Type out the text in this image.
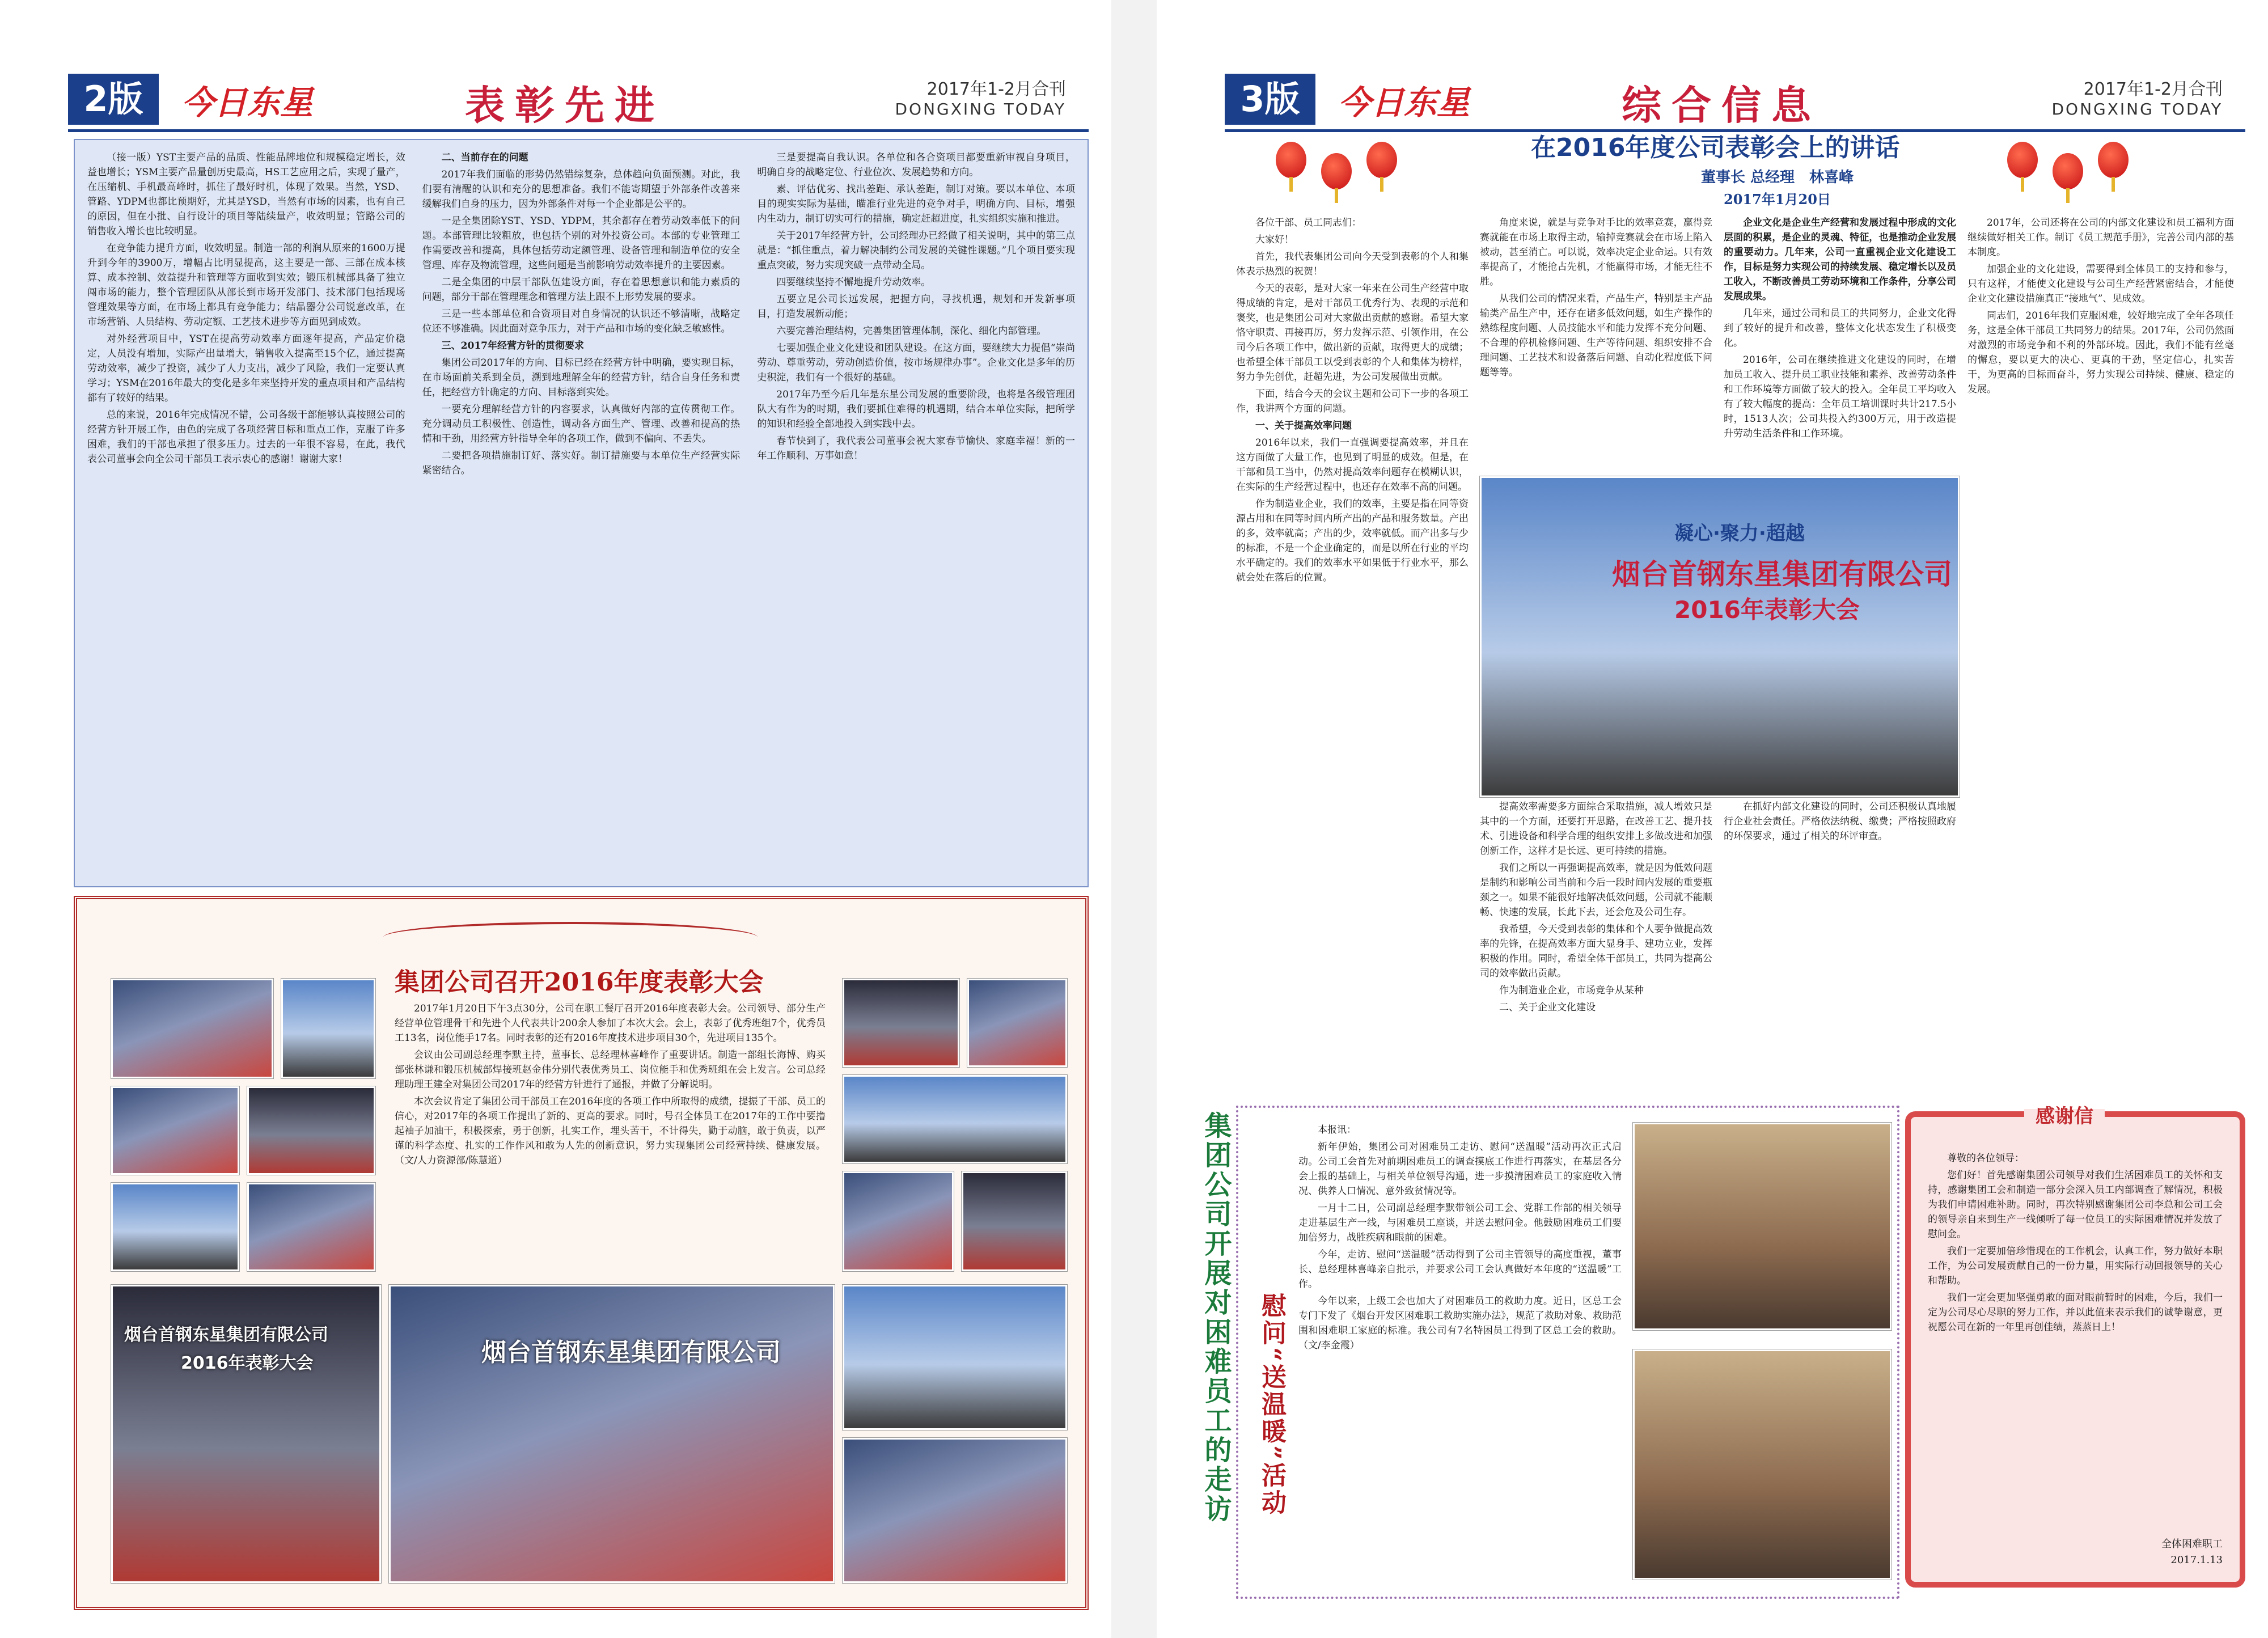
2版	今日东星	表彰先进	2017年1-2月合刊
DONGXING TODAY

（接一版）YST主要产品的品质、性能品牌地位和规模稳定增长，效益也增长；YSM主要产品量创历史最高，HS工艺应用之后，实现了量产，在压缩机、手机最高峰时，抓住了最好时机，体现了效果。当然，YSD、管路、YDPM也都比预期好，尤其是YSD，当然有市场的因素，也有自己的原因，但在小批、自行设计的项目等陆续量产，收效明显；管路公司的销售收入增长也比较明显。

在竞争能力提升方面，收效明显。制造一部的利润从原来的1600万提升到今年的3900万，增幅占比明显提高，这主要是一部、三部在成本核算、成本控制、效益提升和管理等方面收到实效；锻压机械部具备了独立闯市场的能力，整个管理团队从部长到市场开发部门、技术部门包括现场管理效果等方面，在市场上都具有竞争能力；结晶器分公司锐意改革，在市场营销、人员结构、劳动定额、工艺技术进步等方面见到成效。

对外经营项目中，YST在提高劳动效率方面逐年提高，产品定价稳定，人员没有增加，实际产出量增大，销售收入提高至15个亿，通过提高劳动效率，减少了投资，减少了人力支出，减少了风险，我们一定要认真学习；YSM在2016年最大的变化是多年来坚持开发的重点项目和产品结构都有了较好的结果。

总的来说，2016年完成情况不错，公司各级干部能够认真按照公司的经营方针开展工作，由色的完成了各项经营目标和重点工作，克服了许多困难，我们的干部也承担了很多压力。过去的一年很不容易，在此，我代表公司董事会向全公司干部员工表示衷心的感谢！谢谢大家！

二、当前存在的问题

2017年我们面临的形势仍然错综复杂，总体趋向负面预测。对此，我们要有清醒的认识和充分的思想准备。我们不能寄期望于外部条件改善来缓解我们自身的压力，因为外部条件对每一个企业都是公平的。

一是全集团除YST、YSD、YDPM，其余都存在着劳动效率低下的问题。本部管理比较粗放，也包括个别的对外投资公司。本部的专业管理工作需要改善和提高，具体包括劳动定额管理、设备管理和制造单位的安全管理、库存及物流管理，这些问题是当前影响劳动效率提升的主要因素。

二是全集团的中层干部队伍建设方面，存在着思想意识和能力素质的问题，部分干部在管理理念和管理方法上跟不上形势发展的要求。

三是一些本部单位和合资项目对自身情况的认识还不够清晰，战略定位还不够准确。因此面对竞争压力，对于产品和市场的变化缺乏敏感性。

三、2017年经营方针的贯彻要求

集团公司2017年的方向、目标已经在经营方针中明确，要实现目标，在市场面前关系到全员，溯到地理解全年的经营方针，结合自身任务和责任，把经营方针确定的方向、目标落到实处。

一要充分理解经营方针的内容要求，认真做好内部的宣传贯彻工作。充分调动员工积极性、创造性，调动各方面生产、管理、改善和提高的热情和干劲，用经营方针指导全年的各项工作，做到不偏向、不丢失。

二要把各项措施制订好、落实好。制订措施要与本单位生产经营实际紧密结合。

三是要提高自我认识。各单位和各合资项目都要重新审视自身项目，明确自身的战略定位、行业位次、发展趋势和方向。

素、评估优劣、找出差距、承认差距，制订对策。要以本单位、本项目的现实实际为基础，瞄准行业先进的竞争对手，明确方向、目标，增强内生动力，制订切实可行的措施，确定赶超进度，扎实组织实施和推进。

关于2017年经营方针，公司经理办已经做了相关说明，其中的第三点就是：“抓住重点，着力解决制约公司发展的关键性课题。”几个项目要实现重点突破，努力实现突破一点带动全局。

四要继续坚持不懈地提升劳动效率。

五要立足公司长远发展，把握方向，寻找机遇，规划和开发新事项目，打造发展新动能；

六要完善治理结构，完善集团管理体制，深化、细化内部管理。

七要加强企业文化建设和团队建设。在这方面，要继续大力提倡“崇尚劳动、尊重劳动，劳动创造价值，按市场规律办事”。企业文化是多年的历史积淀，我们有一个很好的基础。

2017年乃至今后几年是东星公司发展的重要阶段，也将是各级管理团队大有作为的时期，我们要抓住难得的机遇期，结合本单位实际，把所学的知识和经验全部地投入到实践中去。

春节快到了，我代表公司董事会祝大家春节愉快、家庭幸福！新的一年工作顺利、万事如意！

集团公司召开2016年度表彰大会

2017年1月20日下午3点30分，公司在职工餐厅召开2016年度表彰大会。公司领导、部分生产经营单位管理骨干和先进个人代表共计200余人参加了本次大会。会上，表彰了优秀班组7个，优秀员工13名，岗位能手17名。同时表彰的还有2016年度技术进步项目30个，先进项目135个。

会议由公司副总经理李默主持，董事长、总经理林喜峰作了重要讲话。制造一部组长海博、购买部张林谦和锻压机械部焊接班赵金伟分别代表优秀员工、岗位能手和优秀班组在会上发言。公司总经理助理王建全对集团公司2017年的经营方针进行了通报，并做了分解说明。

本次会议肯定了集团公司干部员工在2016年度的各项工作中所取得的成绩，提振了干部、员工的信心，对2017年的各项工作提出了新的、更高的要求。同时，号召全体员工在2017年的工作中要撸起袖子加油干，积极探索，勇于创新，扎实工作，埋头苦干，不计得失，勤于动脑，敢于负责，以严谨的科学态度、扎实的工作作风和敢为人先的创新意识，努力实现集团公司经营持续、健康发展。（文/人力资源部/陈慧道）

烟台首钢东星集团有限公司
2016年表彰大会	烟台首钢东星集团有限公司
3版	今日东星	综合信息	2017年1-2月合刊
DONGXING TODAY
在2016年度公司表彰会上的讲话
董事长 总经理　林喜峰
2017年1月20日

各位干部、员工同志们：

大家好！

首先，我代表集团公司向今天受到表彰的个人和集体表示热烈的祝贺！

今天的表彰，是对大家一年来在公司生产经营中取得成绩的肯定，是对干部员工优秀行为、表现的示范和褒奖，也是集团公司对大家做出贡献的感谢。希望大家恪守职责、再接再厉，努力发挥示范、引领作用，在公司今后各项工作中，做出新的贡献，取得更大的成绩；也希望全体干部员工以受到表彰的个人和集体为榜样，努力争先创优，赶超先进，为公司发展做出贡献。

下面，结合今天的会议主题和公司下一步的各项工作，我讲两个方面的问题。

一、关于提高效率问题

2016年以来，我们一直强调要提高效率，并且在这方面做了大量工作，也见到了明显的成效。但是，在干部和员工当中，仍然对提高效率问题存在模糊认识，在实际的生产经营过程中，也还存在效率不高的问题。

作为制造业企业，我们的效率，主要是指在同等资源占用和在同等时间内所产出的产品和服务数量。产出的多，效率就高；产出的少，效率就低。而产出多与少的标准，不是一个企业确定的，而是以所在行业的平均水平确定的。我们的效率水平如果低于行业水平，那么就会处在落后的位置。

角度来说，就是与竞争对手比的效率竞赛，赢得竞赛就能在市场上取得主动，输掉竞赛就会在市场上陷入被动，甚至消亡。可以说，效率决定企业命运。只有效率提高了，才能抢占先机，才能赢得市场，才能无往不胜。

从我们公司的情况来看，产品生产，特别是主产品输类产品生产中，还存在诸多低效问题，如生产操作的熟练程度问题、人员技能水平和能力发挥不充分问题、不合理的停机检修问题、生产等待问题、组织安排不合理问题、工艺技术和设备落后问题、自动化程度低下问题等等。

企业文化是企业生产经营和发展过程中形成的文化层面的积累，是企业的灵魂、特征，也是推动企业发展的重要动力。几年来，公司一直重视企业文化建设工作，目标是努力实现公司的持续发展、稳定增长以及员工收入，不断改善员工劳动环境和工作条件，分享公司发展成果。

几年来，通过公司和员工的共同努力，企业文化得到了较好的提升和改善，整体文化状态发生了积极变化。

2016年，公司在继续推进文化建设的同时，在增加员工收入、提升员工职业技能和素养、改善劳动条件和工作环境等方面做了较大的投入。全年员工平均收入有了较大幅度的提高：全年员工培训课时共计217.5小时，1513人次；公司共投入约300万元，用于改造提升劳动生活条件和工作环境。

凝心·聚力·超越
烟台首钢东星集团有限公司
2016年表彰大会

提高效率需要多方面综合采取措施，减人增效只是其中的一个方面，还要打开思路，在改善工艺、提升技术、引进设备和科学合理的组织安排上多做改进和加强创新工作，这样才是长远、更可持续的措施。

我们之所以一再强调提高效率，就是因为低效问题是制约和影响公司当前和今后一段时间内发展的重要瓶颈之一。如果不能很好地解决低效问题，公司就不能顺畅、快速的发展，长此下去，还会危及公司生存。

我希望，今天受到表彰的集体和个人要争做提高效率的先锋，在提高效率方面大显身手、建功立业，发挥积极的作用。同时，希望全体干部员工，共同为提高公司的效率做出贡献。

作为制造业企业，市场竞争从某种

二、关于企业文化建设

在抓好内部文化建设的同时，公司还积极认真地履行企业社会责任。严格依法纳税、缴费；严格按照政府的环保要求，通过了相关的环评审查。

2017年，公司还将在公司的内部文化建设和员工福利方面继续做好相关工作。制订《员工规范手册》，完善公司内部的基本制度。

加强企业的文化建设，需要得到全体员工的支持和参与，只有这样，才能使文化建设与公司生产经营紧密结合，才能使企业文化建设措施真正“接地气”、见成效。

同志们，2016年我们克服困难，较好地完成了全年各项任务，这是全体干部员工共同努力的结果。2017年，公司仍然面对激烈的市场竞争和不利的外部环境。因此，我们不能有丝毫的懈怠，要以更大的决心、更真的干劲，坚定信心，扎实苦干，为更高的目标而奋斗，努力实现公司持续、健康、稳定的发展。

集团公司开展对困难员工的走访 慰问“送温暖”活动

本报讯：

新年伊始，集团公司对困难员工走访、慰问“送温暖”活动再次正式启动。公司工会首先对前期困难员工的调查摸底工作进行再落实，在基层各分会上报的基础上，与相关单位领导沟通，进一步摸清困难员工的家庭收入情况、供养人口情况、意外致贫情况等。

一月十二日，公司副总经理李默带领公司工会、党群工作部的相关领导走进基层生产一线，与困难员工座谈，并送去慰问金。他鼓励困难员工们要加倍努力，战胜疾病和眼前的困难。

今年，走访、慰问“送温暖”活动得到了公司主管领导的高度重视，董事长、总经理林喜峰亲自批示，并要求公司工会认真做好本年度的“送温暖”工作。

今年以来，上级工会也加大了对困难员工的救助力度。近日，区总工会专门下发了《烟台开发区困难职工救助实施办法》，规范了救助对象、救助范围和困难职工家庭的标准。我公司有7名特困员工得到了区总工会的救助。（文/李金霞）

感谢信

尊敬的各位领导：

您们好！首先感谢集团公司领导对我们生活困难员工的关怀和支持，感谢集团工会和制造一部分会深入员工内部调查了解情况，积极为我们申请困难补助。同时，再次特别感谢集团公司李总和公司工会的领导亲自来到生产一线倾听了每一位员工的实际困难情况并发放了慰问金。

我们一定要加倍珍惜现在的工作机会，认真工作，努力做好本职工作，为公司发展贡献自己的一份力量，用实际行动回报领导的关心和帮助。

我们一定会更加坚强勇敢的面对眼前暂时的困难，今后，我们一定为公司尽心尽职的努力工作，并以此值来表示我们的诚挚谢意，更祝愿公司在新的一年里再创佳绩，蒸蒸日上！

全体困难职工
2017.1.13
